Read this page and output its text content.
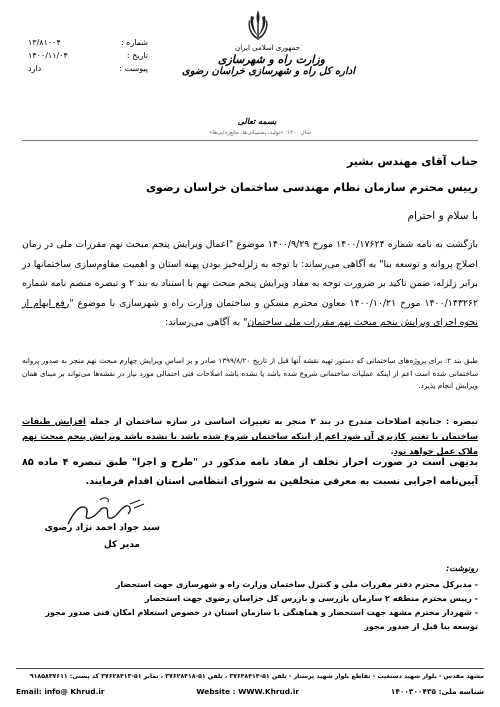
جمهوری اسلامی ایران
وزارت راه و شهرسازی
اداره کل راه و شهرسازی خراسان رضوی
شماره :
۱۳/۸۱۰۰۴
تاریخ :
۱۴۰۰/۱۱/۰۴
پیوست :
دارد
بسمه تعالی
سال ۱۴۰۰؛ «تولید، پشتیبانی‌ها، مانع‌زدایی‌ها»
جناب آقای مهندس بشیر
رییس محترم سازمان نظام مهندسی ساختمان خراسان رضوی
با سلام و احترام
بازگشت به نامه شماره ۱۴۰۰/۱۷۶۲۴ مورخ ۱۴۰۰/۹/۲۹ موضوع "اعمال ویرایش پنجم مبحث نهم مقررات ملی در زمان اصلاح پروانه و توسعه بنا" به آگاهی می‌رساند: با توجه به زلزله‌خیز بودن پهنه استان و اهمیت مقاوم‌سازی ساختمانها در برابر زلزله، ضمن تاکید بر ضرورت توجه به مفاد ویرایش پنجم مبحث نهم با استناد به بند ۲ و تبصره منضم نامه شماره ۱۴۰۰/۱۴۳۲۶۲ مورخ ۱۴۰۰/۱۰/۲۱ معاون محترم مسکن و ساختمان وزارت راه و شهرسازی با موضوع "رفع ابهام از نحوه اجرای ویرایش پنجم مبحث نهم مقررات ملی ساختمان" به آگاهی می‌رساند:
طبق بند ۲: برای پروژه‌های ساختمانی که دستور تهیه نقشه آنها قبل از تاریخ ۱۳۹۹/۸/۲۰ صادر و بر اساس ویرایش چهارم مبحث نهم منجر به صدور پروانه ساختمانی شده است اعم از اینکه عملیات ساختمانی شروع شده باشد یا نشده باشد اصلاحات فنی احتمالی مورد نیاز در نقشه‌ها می‌تواند بر مبنای همان ویرایش انجام پذیرد.
تبصره : جنانچه اصلاحات مندرج در بند ۲ منجر به تغییرات اساسی در سازه ساختمان از جمله افزایش طبقات ساختمان یا تغییر کاربری آن شود اعم از اینکه ساختمان شروع شده باشد یا نشده باشد ویرایش پنجم مبحث نهم ملاک عمل خواهد بود.
بدیهی است در صورت احراز تخلف از مفاد نامه مذکور در "طرح و اجرا" طبق تبصره ۴ ماده ۸۵ آیین‌نامه اجرایی نسبت به معرفی متخلفین به شورای انتظامی استان اقدام فرمایند.
سید جواد احمد نژاد رضوی
مدیر کل
رونوشت:
- مدیرکل محترم دفتر مقررات ملی و کنترل ساختمان وزارت راه و شهرسازی جهت استحضار
- رییس محترم منطقه ۲ سازمان بازرسی و بازرس کل خراسان رضوی جهت استحضار
- شهردار محترم مشهد جهت استحضار و هماهنگی با سازمان استان در خصوص استعلام امکان فنی صدور مجوز توسعه بنا قبل از صدور مجوز
مشهد مقدس - بلوار شهید دستغیب - تقاطع بلوار شهید پرستار - تلفن ۵۱-۳۷۶۴۸۴۱۴ ، تلفن ۵۱-۳۷۶۲۸۴۱۸ ، نمابر ۵۱-۳۷۶۲۸۴۱۳ کد پستی: ۹۱۸۵۸۳۷۶۱۱
شناسه ملی: ۱۴۰۰۳۰۰۴۳۵
Website : WWW.Khrud.ir
Email: info@ Khrud.ir
